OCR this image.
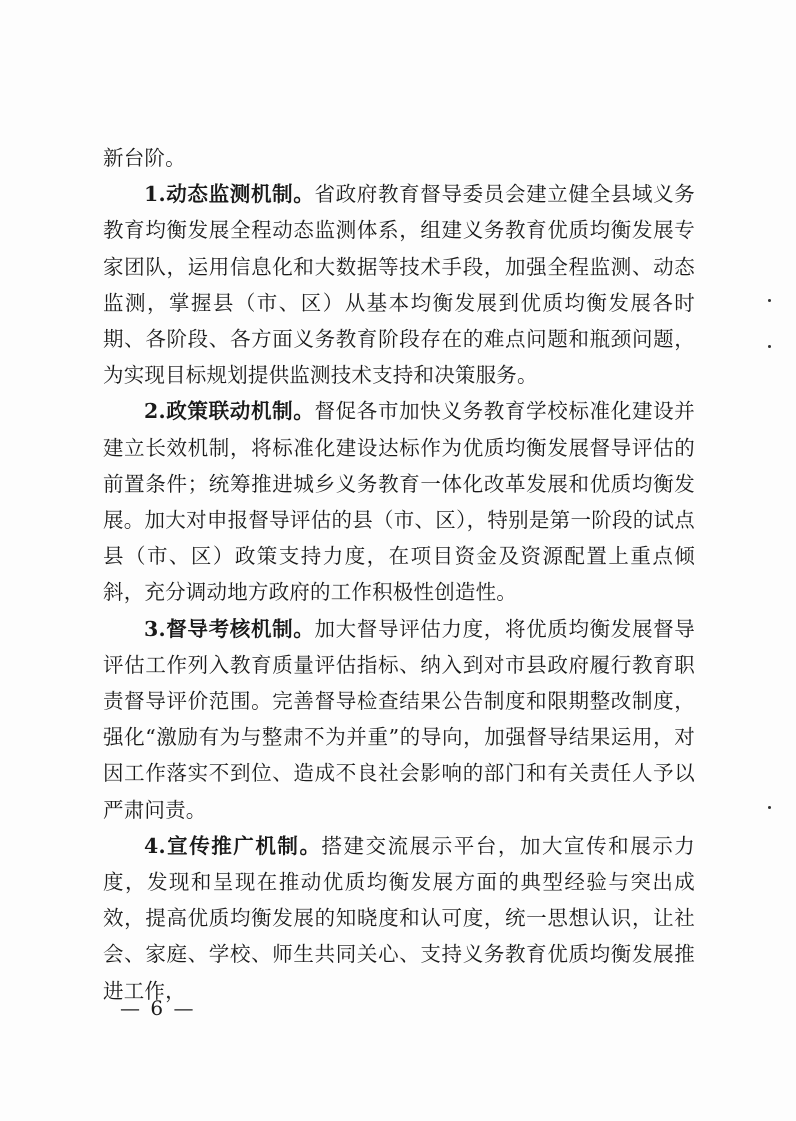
新台阶。

1.动态监测机制。省政府教育督导委员会建立健全县域义务教育均衡发展全程动态监测体系，组建义务教育优质均衡发展专家团队，运用信息化和大数据等技术手段，加强全程监测、动态监测，掌握县（市、区）从基本均衡发展到优质均衡发展各时期、各阶段、各方面义务教育阶段存在的难点问题和瓶颈问题，为实现目标规划提供监测技术支持和决策服务。

2.政策联动机制。督促各市加快义务教育学校标准化建设并建立长效机制，将标准化建设达标作为优质均衡发展督导评估的前置条件；统筹推进城乡义务教育一体化改革发展和优质均衡发展。加大对申报督导评估的县（市、区），特别是第一阶段的试点县（市、区）政策支持力度，在项目资金及资源配置上重点倾斜，充分调动地方政府的工作积极性创造性。

3.督导考核机制。加大督导评估力度，将优质均衡发展督导评估工作列入教育质量评估指标、纳入到对市县政府履行教育职责督导评价范围。完善督导检查结果公告制度和限期整改制度，强化“激励有为与整肃不为并重”的导向，加强督导结果运用，对因工作落实不到位、造成不良社会影响的部门和有关责任人予以严肃问责。

4.宣传推广机制。搭建交流展示平台，加大宣传和展示力度，发现和呈现在推动优质均衡发展方面的典型经验与突出成效，提高优质均衡发展的知晓度和认可度，统一思想认识，让社会、家庭、学校、师生共同关心、支持义务教育优质均衡发展推进工作，

— 6 —
